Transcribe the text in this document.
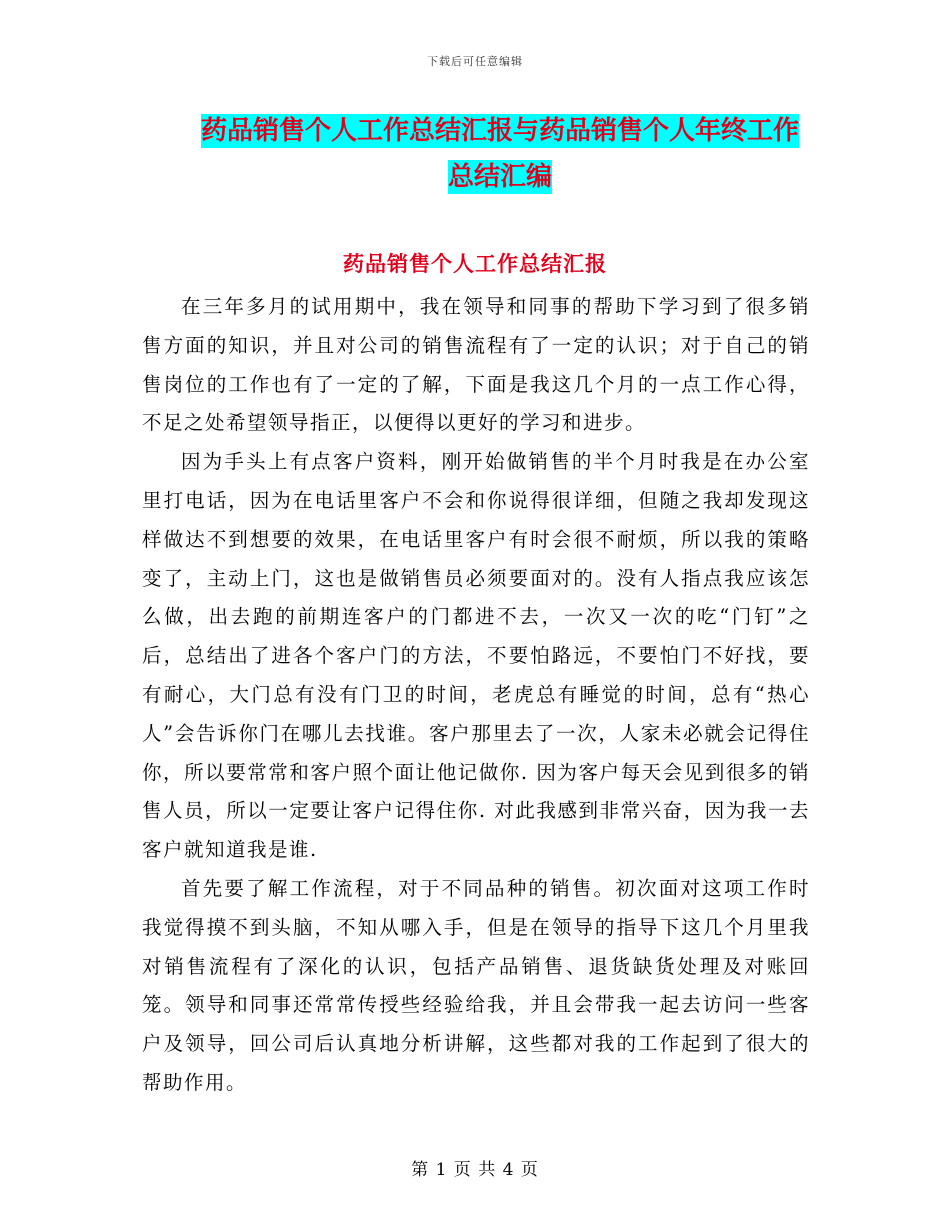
下载后可任意编辑
药品销售个人工作总结汇报与药品销售个人年终工作
总结汇编
药品销售个人工作总结汇报

在三年多月的试用期中，我在领导和同事的帮助下学习到了很多销售方面的知识，并且对公司的销售流程有了一定的认识；对于自己的销售岗位的工作也有了一定的了解，下面是我这几个月的一点工作心得，不足之处希望领导指正，以便得以更好的学习和进步。

因为手头上有点客户资料，刚开始做销售的半个月时我是在办公室里打电话，因为在电话里客户不会和你说得很详细，但随之我却发现这样做达不到想要的效果，在电话里客户有时会很不耐烦，所以我的策略变了，主动上门，这也是做销售员必须要面对的。没有人指点我应该怎么做，出去跑的前期连客户的门都进不去，一次又一次的吃“门钉”之后，总结出了进各个客户门的方法，不要怕路远，不要怕门不好找，要有耐心，大门总有没有门卫的时间，老虎总有睡觉的时间，总有“热心人”会告诉你门在哪儿去找谁。客户那里去了一次，人家未必就会记得住你，所以要常常和客户照个面让他记做你. 因为客户每天会见到很多的销售人员，所以一定要让客户记得住你. 对此我感到非常兴奋，因为我一去客户就知道我是谁.

首先要了解工作流程，对于不同品种的销售。初次面对这项工作时我觉得摸不到头脑，不知从哪入手，但是在领导的指导下这几个月里我对销售流程有了深化的认识，包括产品销售、退货缺货处理及对账回笼。领导和同事还常常传授些经验给我，并且会带我一起去访问一些客户及领导，回公司后认真地分析讲解，这些都对我的工作起到了很大的帮助作用。

第 1 页 共 4 页
